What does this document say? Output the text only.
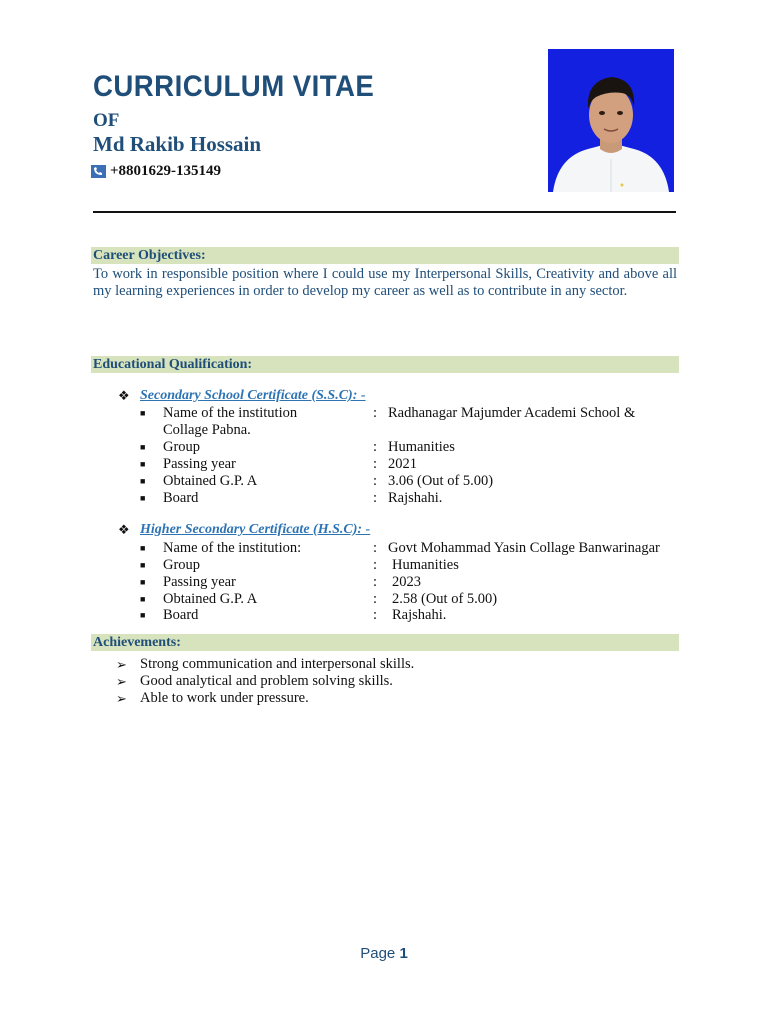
CURRICULUM VITAE
OF
Md Rakib Hossain
+8801629-135149
Career Objectives:

To work in responsible position where I could use my Interpersonal Skills, Creativity and above all my learning experiences in order to develop my career as well as to contribute in any sector.

Educational Qualification:
❖ Secondary School Certificate (S.S.C): -
■	Name of the institution	: Radhanagar Majumder Academi School &
Collage Pabna.
■	Group	: Humanities
■	Passing year	: 2021
■	Obtained G.P. A	: 3.06 (Out of 5.00)
■	Board	: Rajshahi.
❖ Higher Secondary Certificate (H.S.C): -
■	Name of the institution:	: Govt Mohammad Yasin Collage Banwarinagar
■	Group	:	Humanities
■	Passing year	:	2023
■	Obtained G.P. A	:	2.58 (Out of 5.00)
■	Board	:	Rajshahi.
Achievements:
➢ Strong communication and interpersonal skills.
➢ Good analytical and problem solving skills.
➢ Able to work under pressure.
Page 1
